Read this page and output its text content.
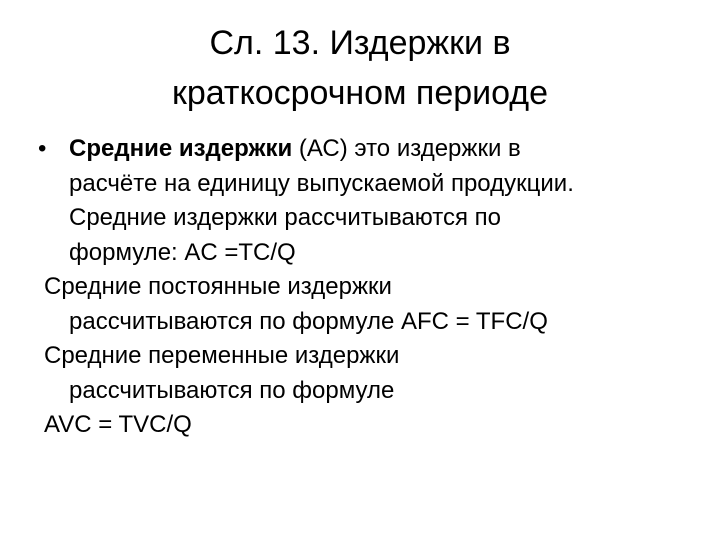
Сл. 13. Издержки в
краткосрочном периоде
• Средние издержки (АС) это издержки в
расчёте на единицу выпускаемой продукции.
Средние издержки рассчитываются по
формуле: AC =TC/Q
Средние постоянные издержки
рассчитываются по формуле AFC = TFC/Q
Средние переменные издержки
рассчитываются по формуле
AVC = TVC/Q
